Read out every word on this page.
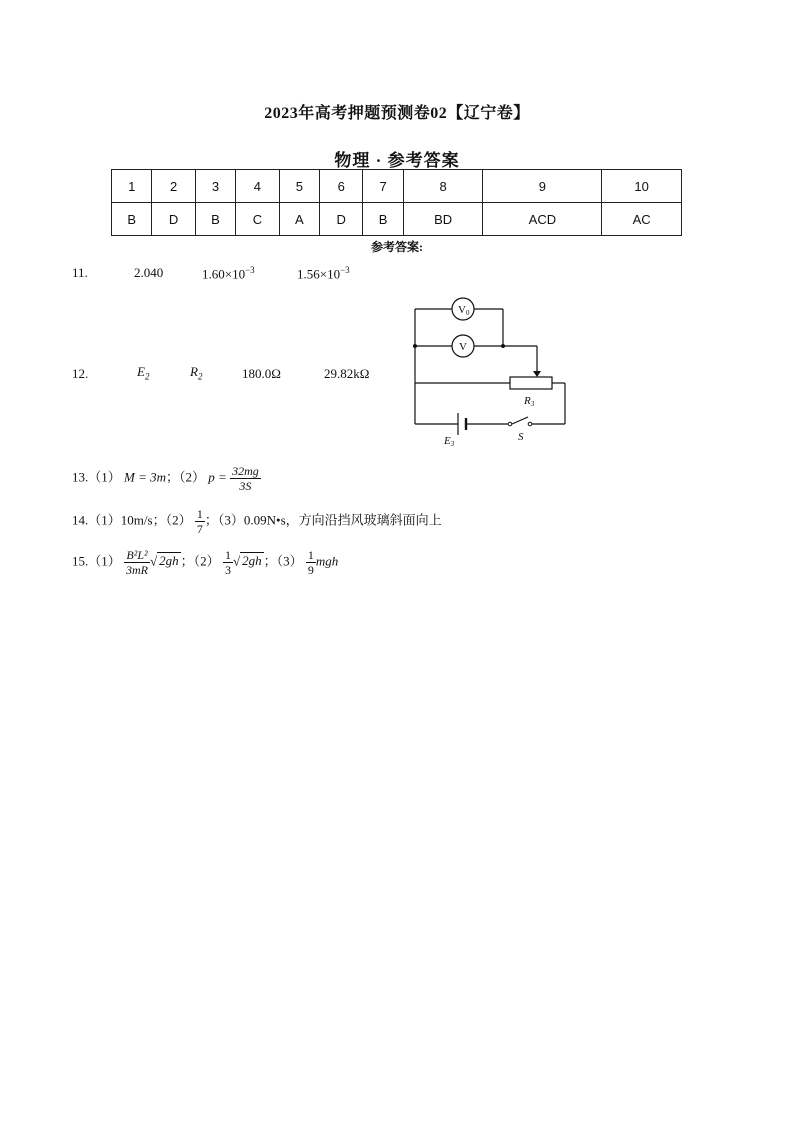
2023年高考押题预测卷02【辽宁卷】
物理 · 参考答案
1	2	3	4	5	6	7	8	9	10
B	D	B	C	A	D	B	BD	ACD	AC
参考答案:
11.	2.040	$1.60\times 10^{-3}$	$1.56\times 10^{-3}$
12.	$E_2$	$R_2$	180.0Ω	29.82kΩ
V0
V
R3
E3
S
13.（1） M = 3m；（2） $p = \frac{32mg}{3S}$
14.（1）10m/s；$(2) \frac{1}{7}$ ；（3）0.09N•s，方向沿挡风玻璃斜面向上
$15.(1) \frac{\text{B²L²}}{3mR}$ √ 2gh ；$(2) \frac{1}{3}$ √ 2gh ；$(3) \frac{1}{9}$ mgh
